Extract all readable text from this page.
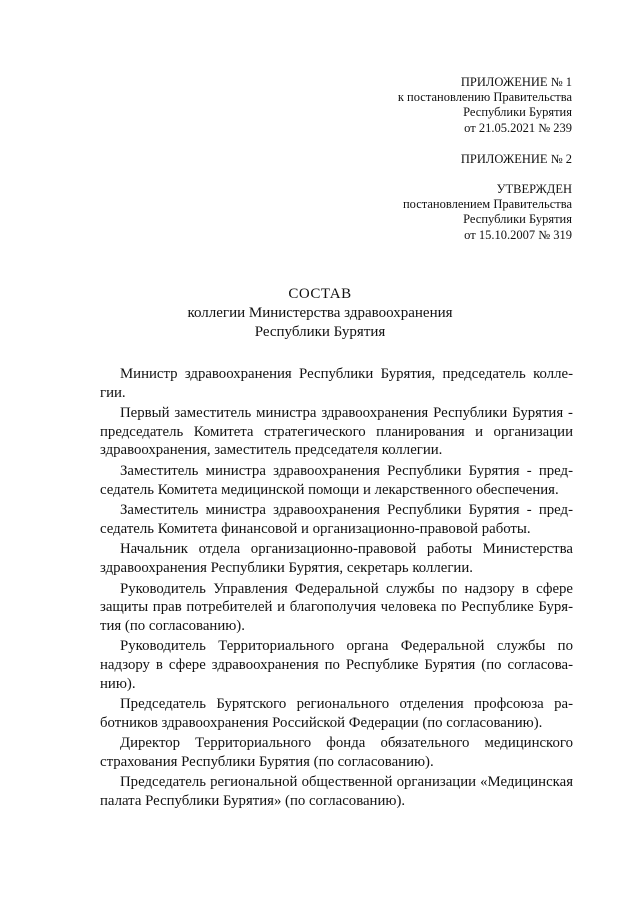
ПРИЛОЖЕНИЕ № 1
к постановлению Правительства
Республики Бурятия
от 21.05.2021 № 239
ПРИЛОЖЕНИЕ № 2
УТВЕРЖДЕН
постановлением Правительства
Республики Бурятия
от 15.10.2007 № 319
СОСТАВ
коллегии Министерства здравоохранения
Республики Бурятия

Министр здравоохранения Республики Бурятия, председатель коллегии.

Первый заместитель министра здравоохранения Республики Бурятия - председатель Комитета стратегического планирования и организации здравоохранения, заместитель председателя коллегии.

Заместитель министра здравоохранения Республики Бурятия - председатель Комитета медицинской помощи и лекарственного обеспечения.

Заместитель министра здравоохранения Республики Бурятия - председатель Комитета финансовой и организационно-правовой работы.

Начальник отдела организационно-правовой работы Министерства здравоохранения Республики Бурятия, секретарь коллегии.

Руководитель Управления Федеральной службы по надзору в сфере защиты прав потребителей и благополучия человека по Республике Бурятия (по согласованию).

Руководитель Территориального органа Федеральной службы по надзору в сфере здравоохранения по Республике Бурятия (по согласованию).

Председатель Бурятского регионального отделения профсоюза работников здравоохранения Российской Федерации (по согласованию).

Директор Территориального фонда обязательного медицинского страхования Республики Бурятия (по согласованию).

Председатель региональной общественной организации «Медицинская палата Республики Бурятия» (по согласованию).
